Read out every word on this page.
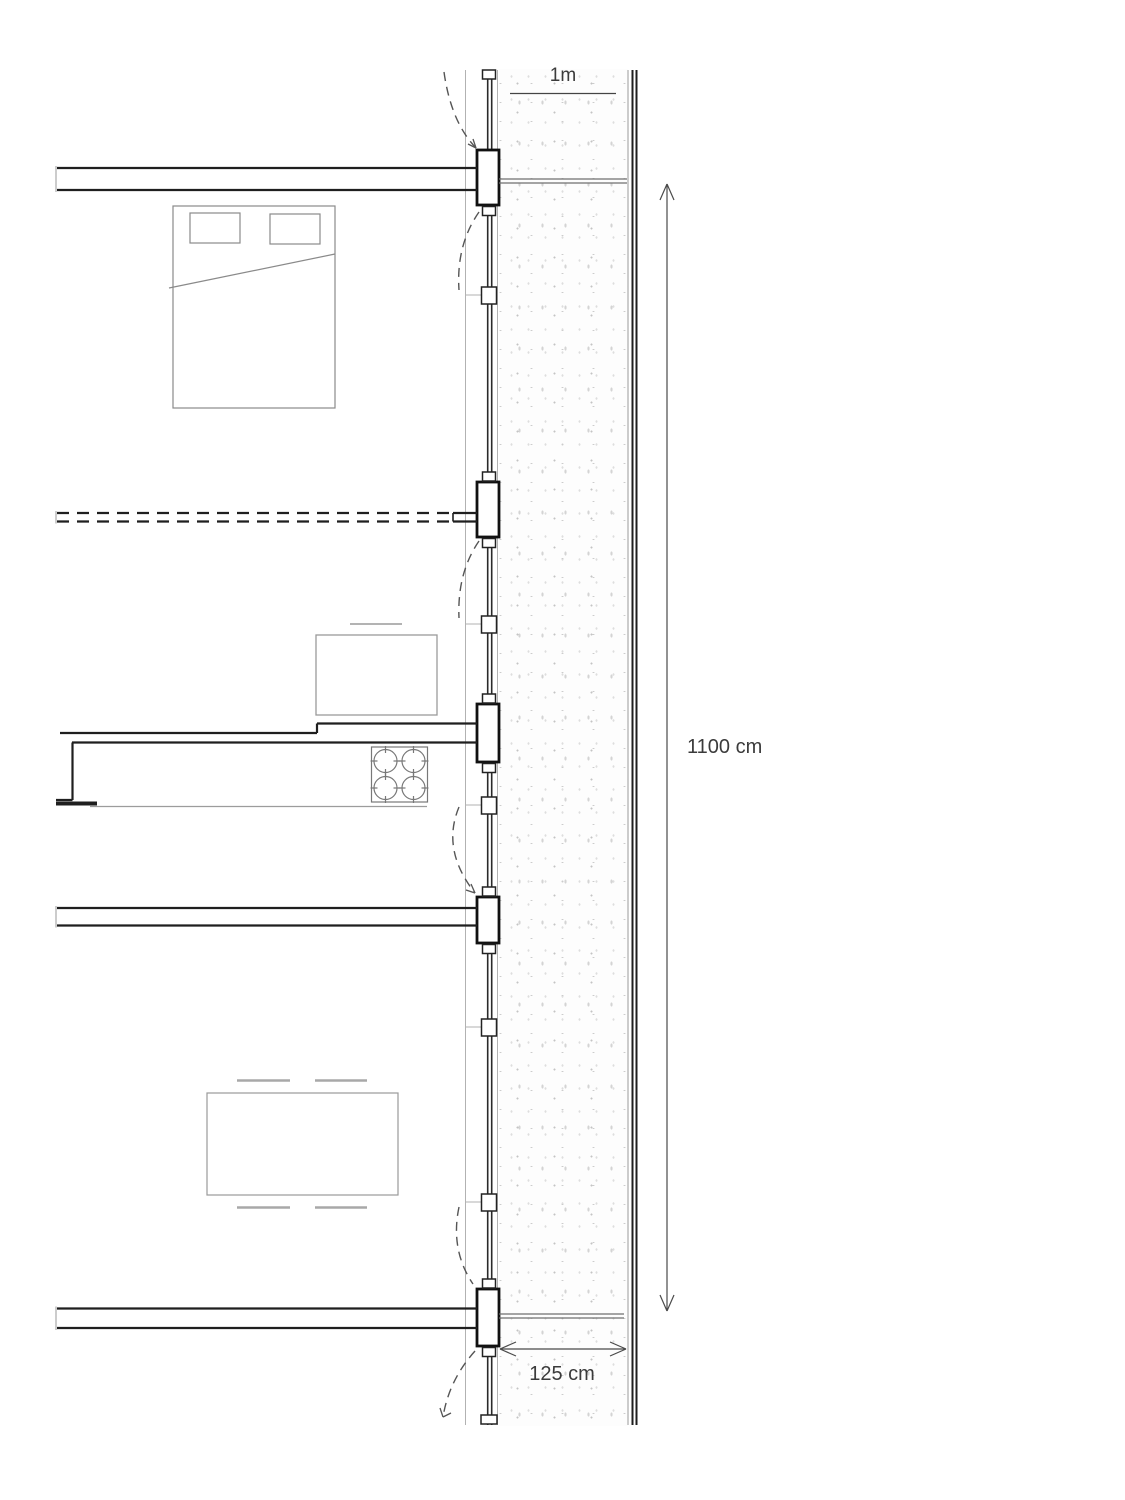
1m
1100 cm
125 cm
